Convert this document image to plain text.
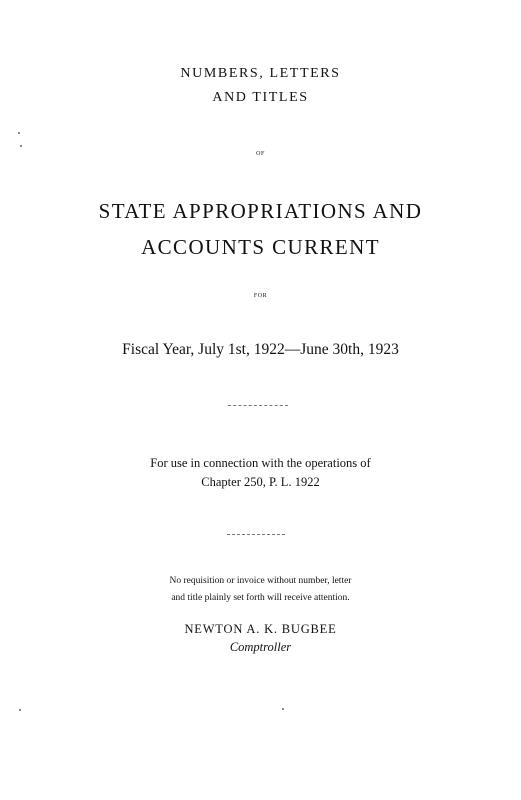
NUMBERS, LETTERS
AND TITLES
OF
STATE APPROPRIATIONS AND
ACCOUNTS CURRENT
FOR
Fiscal Year, July 1st, 1922—June 30th, 1923
For use in connection with the operations of
Chapter 250, P. L. 1922
No requisition or invoice without number, letter
and title plainly set forth will receive attention.
NEWTON A. K. BUGBEE
Comptroller
